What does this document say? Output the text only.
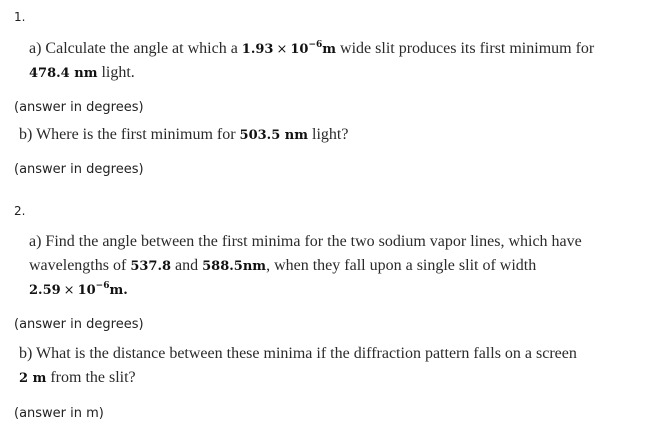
1.
a) Calculate the angle at which a $1.93 \times 10^{-6}m$ wide slit produces its first minimum for
478.4 nm light.
(answer in degrees)
b) Where is the first minimum for 503.5 nm light?
(answer in degrees)
2.
a) Find the angle between the first minima for the two sodium vapor lines, which have
wavelengths of 537.8 and 588.5nm, when they fall upon a single slit of width
$2.59 \times 10^{-6}m$.
(answer in degrees)
b) What is the distance between these minima if the diffraction pattern falls on a screen
2 m from the slit?
(answer in m)
